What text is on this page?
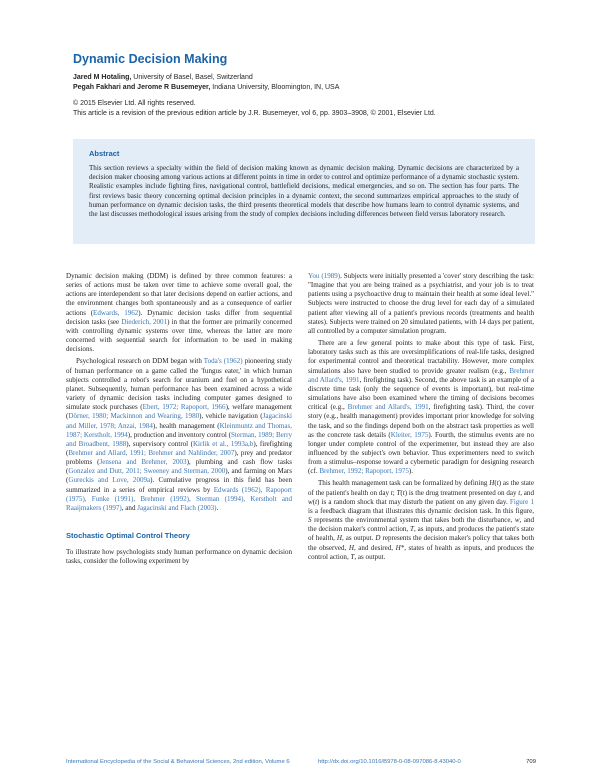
Dynamic Decision Making
Jared M Hotaling, University of Basel, Basel, Switzerland
Pegah Fakhari and Jerome R Busemeyer, Indiana University, Bloomington, IN, USA
© 2015 Elsevier Ltd. All rights reserved.
This article is a revision of the previous edition article by J.R. Busemeyer, vol 6, pp. 3903–3908, © 2001, Elsevier Ltd.
Abstract

This section reviews a specialty within the field of decision making known as dynamic decision making. Dynamic decisions are characterized by a decision maker choosing among various actions at different points in time in order to control and optimize performance of a dynamic stochastic system. Realistic examples include fighting fires, navigational control, battlefield decisions, medical emergencies, and so on. The section has four parts. The first reviews basic theory concerning optimal decision principles in a dynamic context, the second summarizes empirical approaches to the study of human performance on dynamic decision tasks, the third presents theoretical models that describe how humans learn to control dynamic systems, and the last discusses methodological issues arising from the study of complex decisions including differences between field versus laboratory research.

Dynamic decision making (DDM) is defined by three common features: a series of actions must be taken over time to achieve some overall goal, the actions are interdependent so that later decisions depend on earlier actions, and the environment changes both spontaneously and as a consequence of earlier actions (Edwards, 1962). Dynamic decision tasks differ from sequential decision tasks (see Diederich, 2001) in that the former are primarily concerned with controlling dynamic systems over time, whereas the latter are more concerned with sequential search for information to be used in making decisions.

Psychological research on DDM began with Toda's (1962) pioneering study of human performance on a game called the 'fungus eater,' in which human subjects controlled a robot's search for uranium and fuel on a hypothetical planet. Subsequently, human performance has been examined across a wide variety of dynamic decision tasks including computer games designed to simulate stock purchases (Ebert, 1972; Rapoport, 1966), welfare management (Dörner, 1980; Mackinnon and Wearing, 1980), vehicle navigation (Jagacinski and Miller, 1978; Anzai, 1984), health management (Kleinmuntz and Thomas, 1987; Kerstholt, 1994), production and inventory control (Sterman, 1989; Berry and Broadbent, 1988), supervisory control (Kirlik et al., 1993a,b), firefighting (Brehmer and Allard, 1991; Brehmer and Nahlinder, 2007), prey and predator problems (Jensena and Brehmer, 2003), plumbing and cash flow tasks (Gonzalez and Dutt, 2011; Sweeney and Sterman, 2000), and farming on Mars (Gureckis and Love, 2009a). Cumulative progress in this field has been summarized in a series of empirical reviews by Edwards (1962), Rapoport (1975), Funke (1991), Brehmer (1992), Sterman (1994), Kerstholt and Raaijmakers (1997), and Jagacinski and Flach (2003).

Stochastic Optimal Control Theory

To illustrate how psychologists study human performance on dynamic decision tasks, consider the following experiment by

You (1989). Subjects were initially presented a 'cover' story describing the task: "Imagine that you are being trained as a psychiatrist, and your job is to treat patients using a psychoactive drug to maintain their health at some ideal level." Subjects were instructed to choose the drug level for each day of a simulated patient after viewing all of a patient's previous records (treatments and health states). Subjects were trained on 20 simulated patients, with 14 days per patient, all controlled by a computer simulation program.

There are a few general points to make about this type of task. First, laboratory tasks such as this are oversimplifications of real-life tasks, designed for experimental control and theoretical tractability. However, more complex simulations also have been studied to provide greater realism (e.g., Brehmer and Allard's, 1991, firefighting task). Second, the above task is an example of a discrete time task (only the sequence of events is important), but real-time simulations have also been examined where the timing of decisions becomes critical (e.g., Brehmer and Allard's, 1991, firefighting task). Third, the cover story (e.g., health management) provides important prior knowledge for solving the task, and so the findings depend both on the abstract task properties as well as the concrete task details (Kleiter, 1975). Fourth, the stimulus events are no longer under complete control of the experimenter, but instead they are also influenced by the subject's own behavior. Thus experimenters need to switch from a stimulus–response toward a cybernetic paradigm for designing research (cf. Brehmer, 1992; Rapoport, 1975).

This health management task can be formalized by defining H(t) as the state of the patient's health on day t; T(t) is the drug treatment presented on day t, and w(t) is a random shock that may disturb the patient on any given day. Figure 1 is a feedback diagram that illustrates this dynamic decision task. In this figure, S represents the environmental system that takes both the disturbance, w, and the decision maker's control action, T, as inputs, and produces the patient's state of health, H, as output. D represents the decision maker's policy that takes both the observed, H, and desired, H*, states of health as inputs, and produces the control action, T, as output.

International Encyclopedia of the Social & Behavioral Sciences, 2nd edition, Volume 6	http://dx.doi.org/10.1016/B978-0-08-097086-8.43040-0	709
